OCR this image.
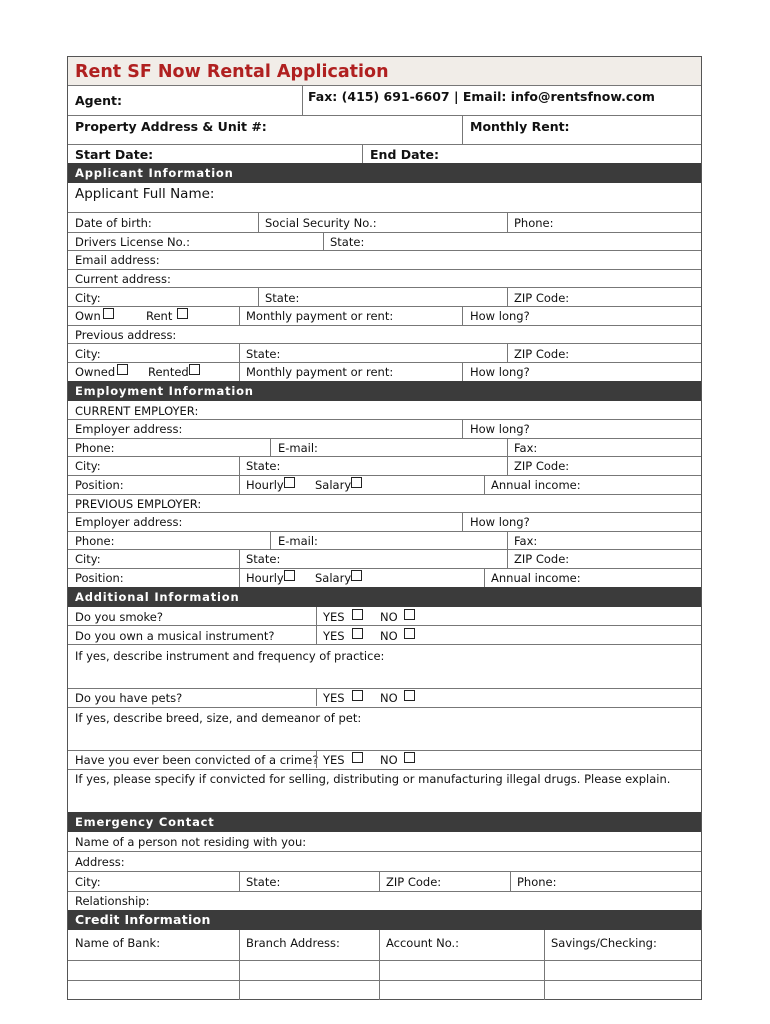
Rent SF Now Rental Application
Agent:	Fax: (415) 691-6607 | Email: info@rentsfnow.com
Property Address & Unit #:	Monthly Rent:
Start Date:	End Date:
Applicant Information
Applicant Full Name:
Date of birth:	Social Security No.:	Phone:
Drivers License No.:	State:
Email address:
Current address:
City:	State:	ZIP Code:
Own	Rent	Monthly payment or rent:	How long?
Previous address:
City:	State:	ZIP Code:
Owned	Rented	Monthly payment or rent:	How long?
Employment Information
CURRENT EMPLOYER:
Employer address:	How long?
Phone:	E-mail:	Fax:
City:	State:	ZIP Code:
Position:	Hourly	Salary	Annual income:
PREVIOUS EMPLOYER:
Employer address:	How long?
Phone:	E-mail:	Fax:
City:	State:	ZIP Code:
Position:	Hourly	Salary	Annual income:
Additional Information
Do you smoke?	YES	NO
Do you own a musical instrument?	YES	NO
If yes, describe instrument and frequency of practice:
Do you have pets?	YES	NO
If yes, describe breed, size, and demeanor of pet:
Have you ever been convicted of a crime? YES	NO
If yes, please specify if convicted for selling, distributing or manufacturing illegal drugs. Please explain.
Emergency Contact
Name of a person not residing with you:
Address:
City:	State:	ZIP Code:	Phone:
Relationship:
Credit Information
Name of Bank:	Branch Address:	Account No.:	Savings/Checking:
